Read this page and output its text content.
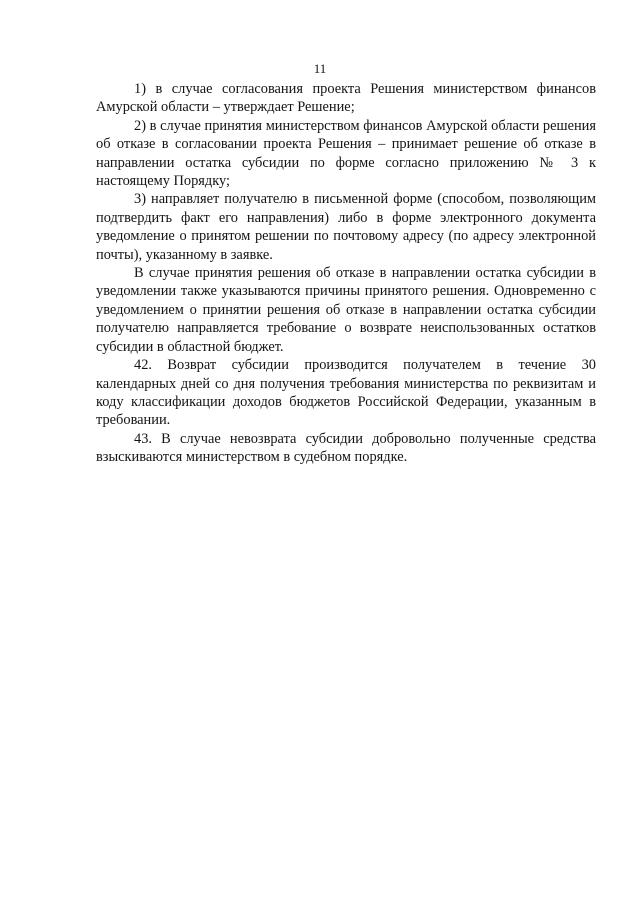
11

1) в случае согласования проекта Решения министерством финансов Амурской области – утверждает Решение;

2) в случае принятия министерством финансов Амурской области решения об отказе в согласовании проекта Решения – принимает решение об отказе в направлении остатка субсидии по форме согласно приложению № 3 к настоящему Порядку;

3) направляет получателю в письменной форме (способом, позволяющим подтвердить факт его направления) либо в форме электронного документа уведомление о принятом решении по почтовому адресу (по адресу электронной почты), указанному в заявке.

В случае принятия решения об отказе в направлении остатка субсидии в уведомлении также указываются причины принятого решения. Одновременно с уведомлением о принятии решения об отказе в направлении остатка субсидии получателю направляется требование о возврате неиспользованных остатков субсидии в областной бюджет.

42. Возврат субсидии производится получателем в течение 30 календарных дней со дня получения требования министерства по реквизитам и коду классификации доходов бюджетов Российской Федерации, указанным в требовании.

43. В случае невозврата субсидии добровольно полученные средства взыскиваются министерством в судебном порядке.
